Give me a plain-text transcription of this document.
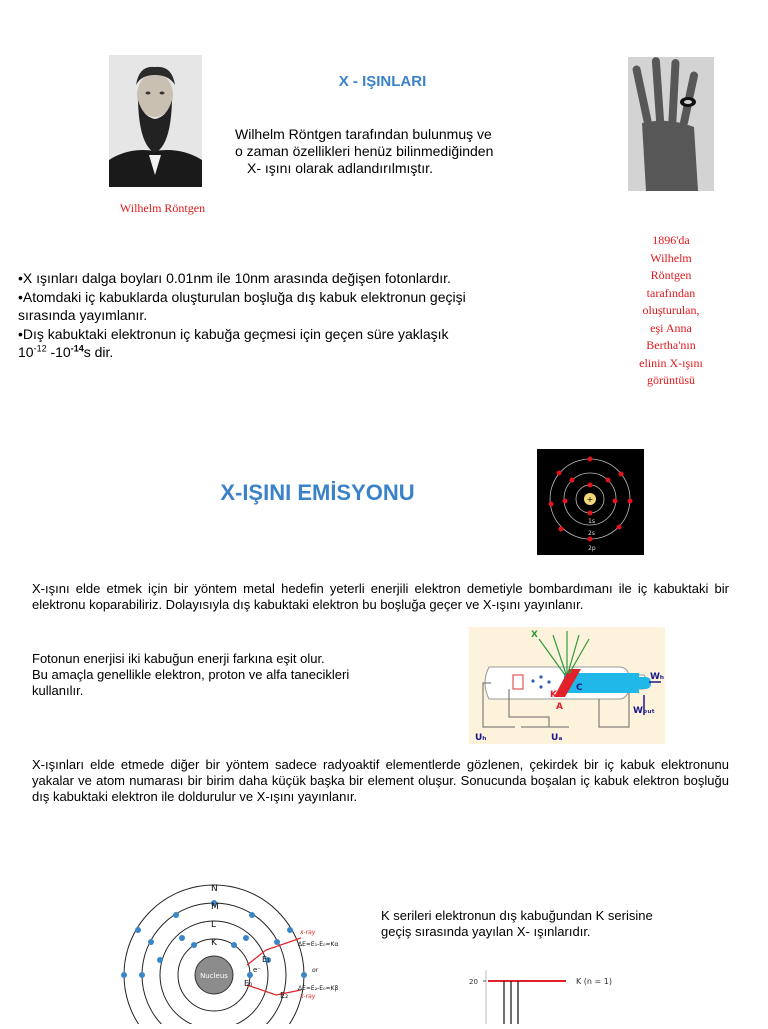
Wilhelm Röntgen
X - IŞINLARI
Wilhelm Röntgen tarafından bulunmuş ve
o zaman özellikleri henüz bilinmediğinden
X- ışını olarak adlandırılmıştır.
1896'da
Wilhelm
Röntgen
tarafından
oluşturulan,
eşi Anna
Bertha'nın
elinin X-ışını
görüntüsü
•X ışınları dalga boyları 0.01nm ile 10nm arasında değişen fotonlardır.
•Atomdaki iç kabuklarda oluşturulan boşluğa dış kabuk elektronun geçişi
sırasında yayımlanır.
•Dış kabuktaki elektronun iç kabuğa geçmesi için geçen süre yaklaşık
$10^{-12}$ $-10^{-14}s$ dir.
X-IŞINI EMİSYONU	+
1s
2s
2p
X-ışını elde etmek için bir yöntem metal hedefin yeterli enerjili elektron demetiyle bombardımanı ile iç kabuktaki bir elektronu koparabiliriz. Dolayısıyla dış kabuktaki elektron bu boşluğa geçer ve X-ışını yayınlanır.
Fotonun enerjisi iki kabuğun enerji farkına eşit olur.
Bu amaçla genellikle elektron, proton ve alfa tanecikleri
kullanılır.
X
K
A
C
Wₕ
Wₒᵤₜ
Uₕ	Uₐ
X-ışınları elde etmede diğer bir yöntem sadece radyoaktif elementlerde gözlenen, çekirdek bir iç kabuk elektronunu yakalar ve atom numarası bir birim daha küçük başka bir element oluşur. Sonucunda boşalan iç kabuk elektron boşluğu dış kabuktaki elektron ile doldurulur ve X-ışını yayınlanır.
N
M
L
K
Nucleus
e⁻
E₁
E₀
E₂
x-ray
ΔE=E₁-E₀=Kα
or
ΔE=E₂-E₀=Kβ
x-ray
K serileri elektronun dış kabuğundan K serisine
geçiş sırasında yayılan X- ışınlarıdır.
20	K (n = 1)
